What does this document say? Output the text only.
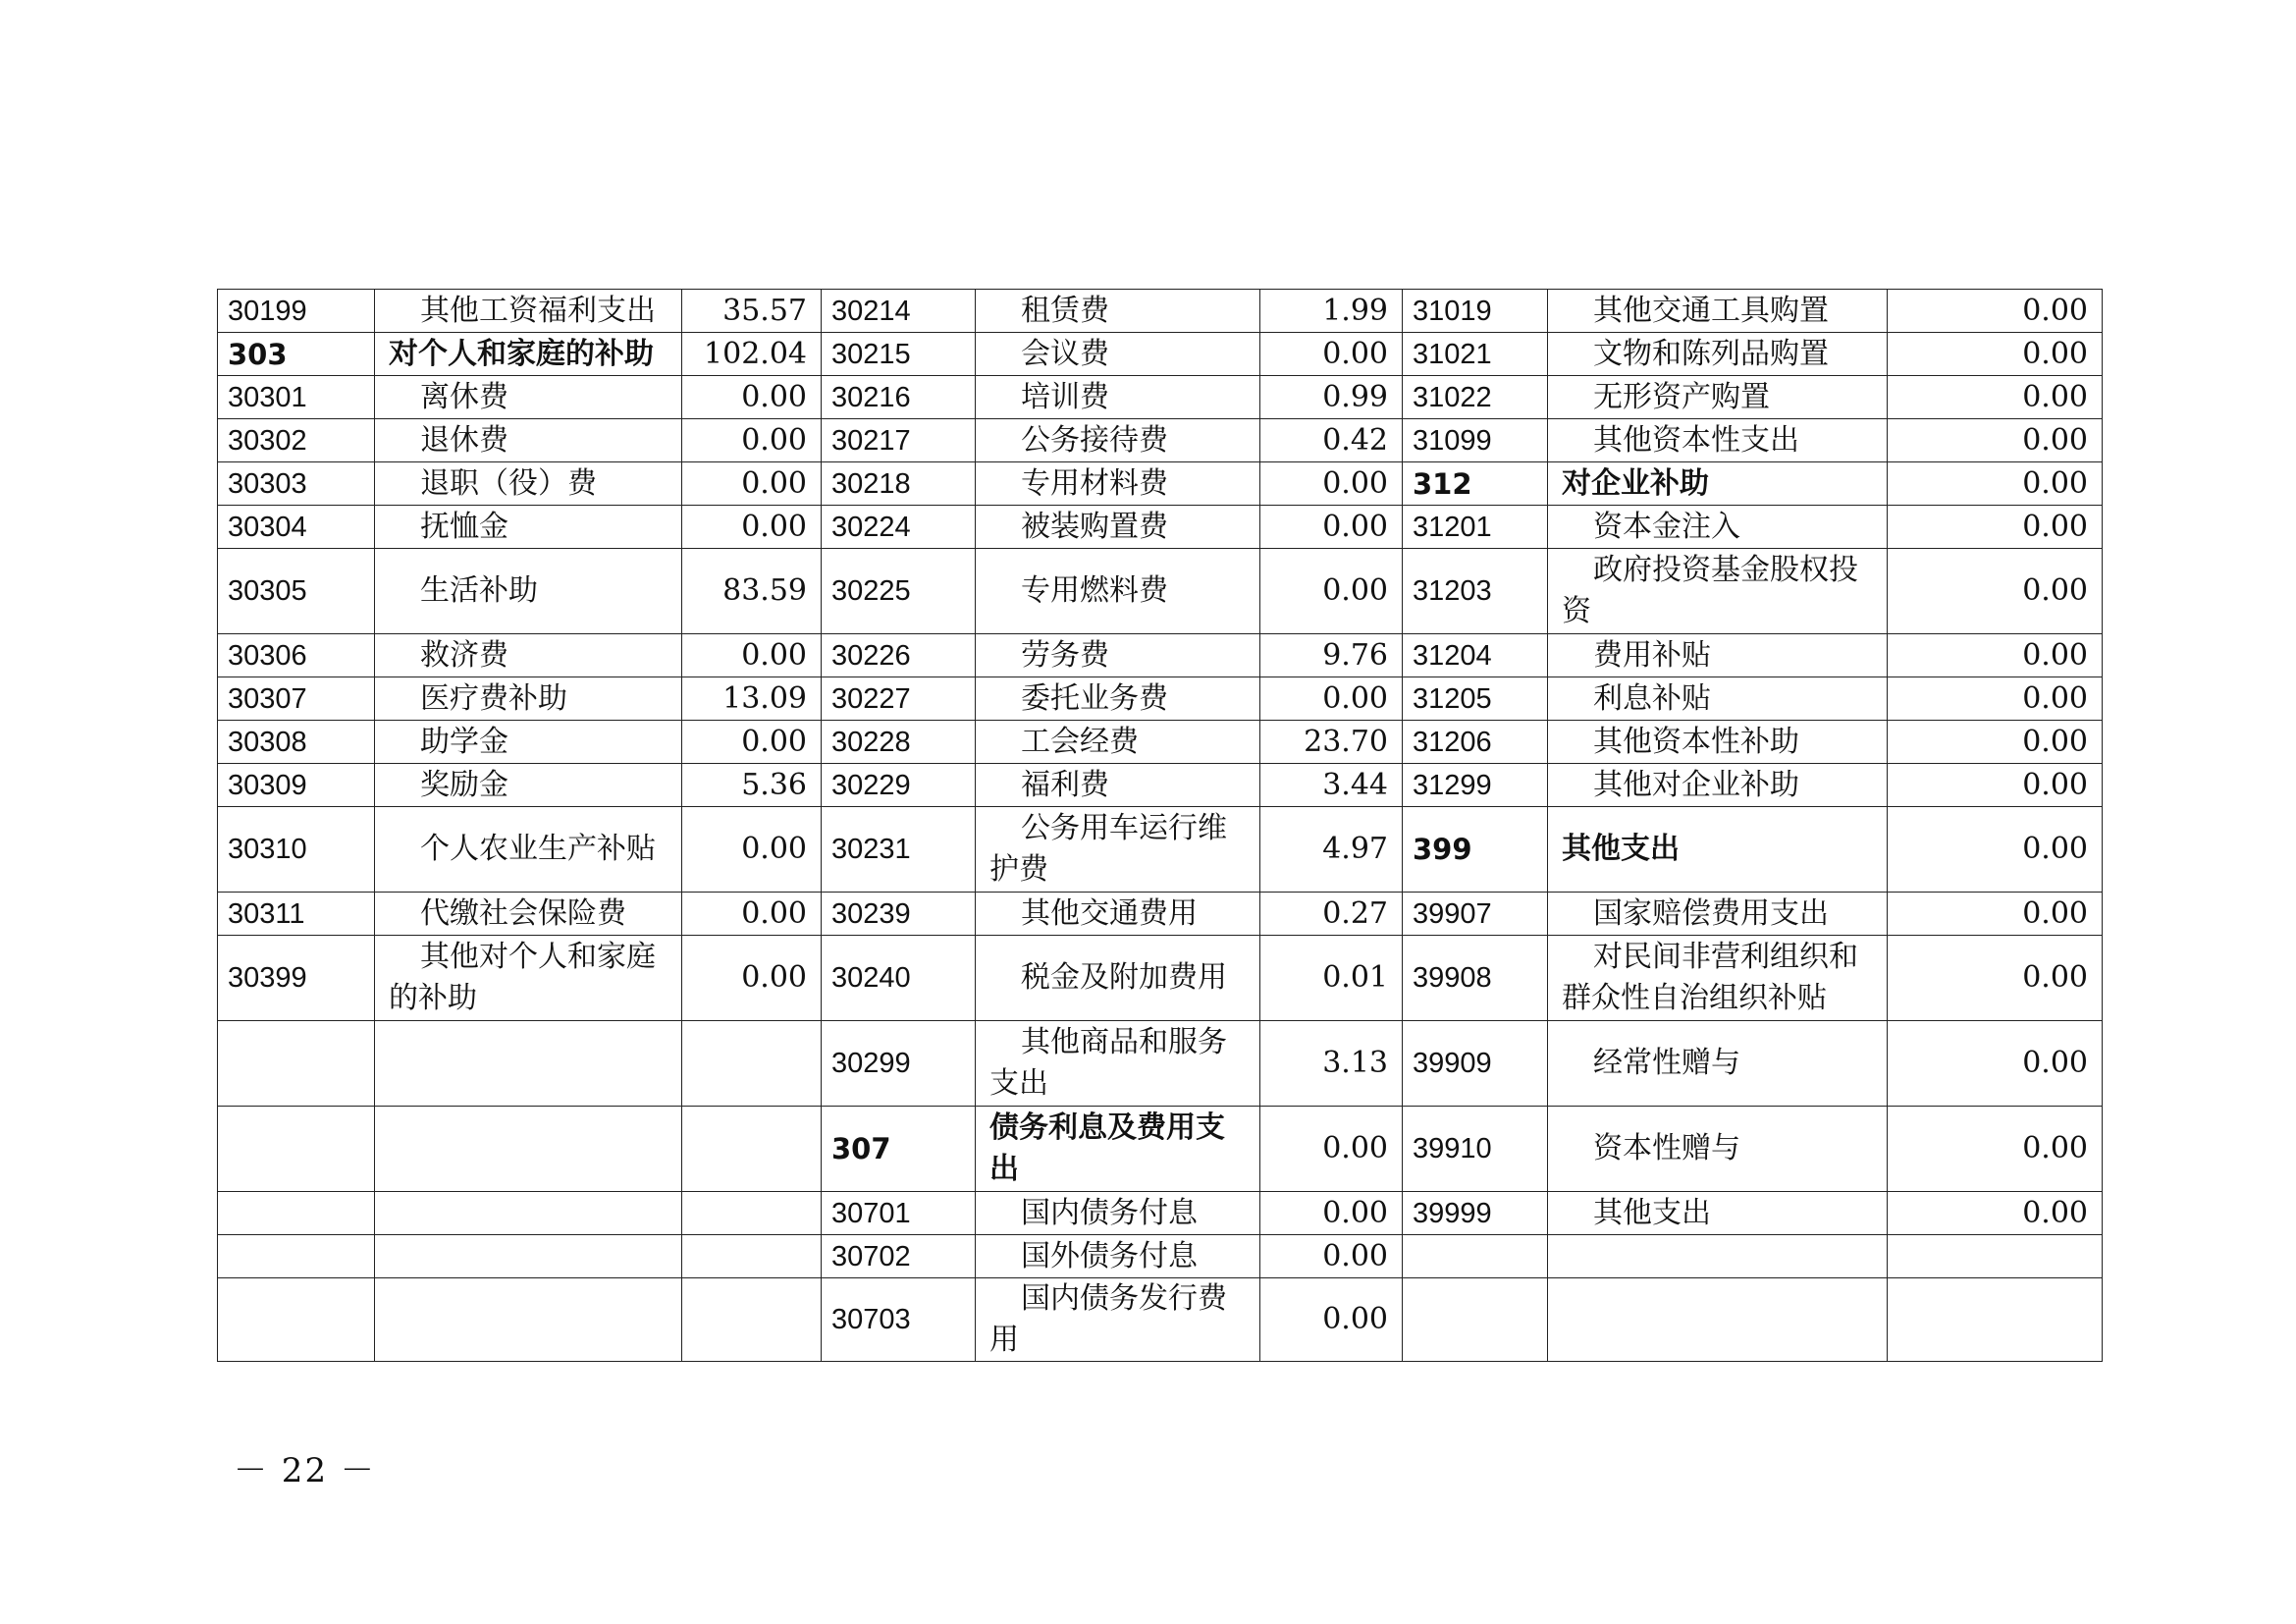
30199	其他工资福利支出	35.57	30214	租赁费	1.99	31019	其他交通工具购置	0.00
303	对个人和家庭的补助	102.04	30215	会议费	0.00	31021	文物和陈列品购置	0.00
30301	离休费	0.00	30216	培训费	0.99	31022	无形资产购置	0.00
30302	退休费	0.00	30217	公务接待费	0.42	31099	其他资本性支出	0.00
30303	退职（役）费	0.00	30218	专用材料费	0.00	312	对企业补助	0.00
30304	抚恤金	0.00	30224	被装购置费	0.00	31201	资本金注入	0.00
30305	生活补助	83.59	30225	专用燃料费	0.00	31203	政府投资基金股权投资	0.00
30306	救济费	0.00	30226	劳务费	9.76	31204	费用补贴	0.00
30307	医疗费补助	13.09	30227	委托业务费	0.00	31205	利息补贴	0.00
30308	助学金	0.00	30228	工会经费	23.70	31206	其他资本性补助	0.00
30309	奖励金	5.36	30229	福利费	3.44	31299	其他对企业补助	0.00
30310	个人农业生产补贴	0.00	30231	公务用车运行维护费	4.97	399	其他支出	0.00
30311	代缴社会保险费	0.00	30239	其他交通费用	0.27	39907	国家赔偿费用支出	0.00
30399	其他对个人和家庭的补助	0.00	30240	税金及附加费用	0.01	39908	对民间非营利组织和群众性自治组织补贴	0.00
			30299	其他商品和服务支出	3.13	39909	经常性赠与	0.00
			307	债务利息及费用支出	0.00	39910	资本性赠与	0.00
			30701	国内债务付息	0.00	39999	其他支出	0.00
			30702	国外债务付息	0.00			
			30703	国内债务发行费用	0.00			
－ 22 －
